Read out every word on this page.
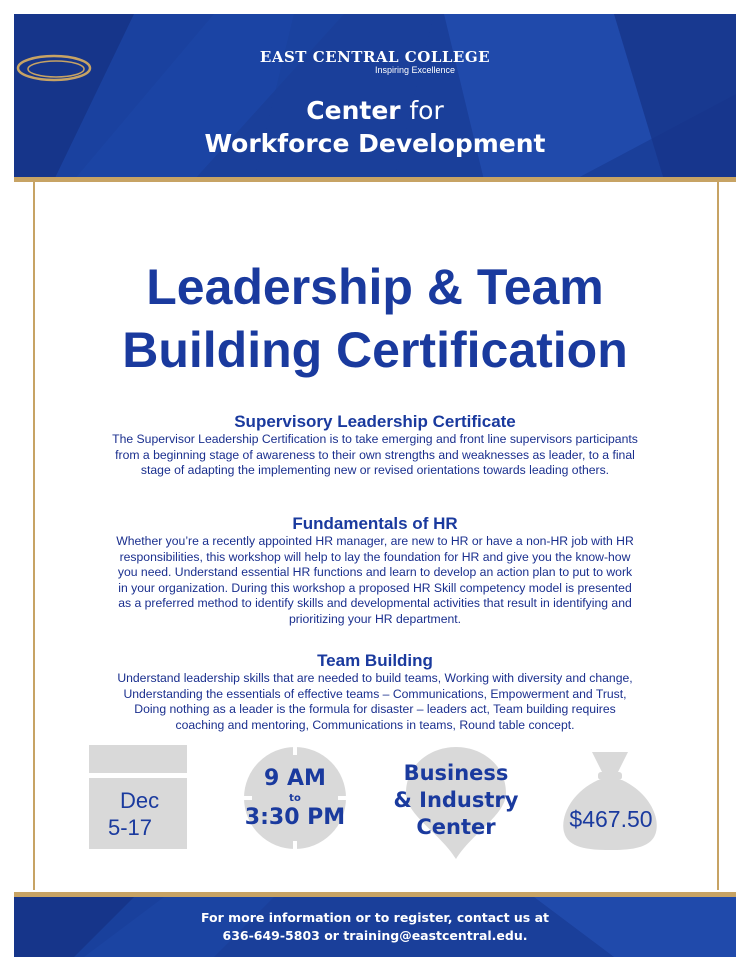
EAST CENTRAL COLLEGE
Inspiring Excellence
Center for
Workforce Development
Leadership & Team
Building Certification
Supervisory Leadership Certificate
The Supervisor Leadership Certification is to take emerging and front line supervisors participants
from a beginning stage of awareness to their own strengths and weaknesses as leader, to a final
stage of adapting the implementing new or revised orientations towards leading others.
Fundamentals of HR
Whether you’re a recently appointed HR manager, are new to HR or have a non-HR job with HR
responsibilities, this workshop will help to lay the foundation for HR and give you the know-how
you need. Understand essential HR functions and learn to develop an action plan to put to work
in your organization. During this workshop a proposed HR Skill competency model is presented
as a preferred method to identify skills and developmental activities that result in identifying and
prioritizing your HR department.
Team Building
Understand leadership skills that are needed to build teams, Working with diversity and change,
Understanding the essentials of effective teams – Communications, Empowerment and Trust,
Doing nothing as a leader is the formula for disaster – leaders act, Team building requires
coaching and mentoring, Communications in teams, Round table concept.
Dec
5-17
9 AM
to
3:30 PM
Business
& Industry
Center	$467.50
For more information or to register, contact us at
636-649-5803 or training@eastcentral.edu.
